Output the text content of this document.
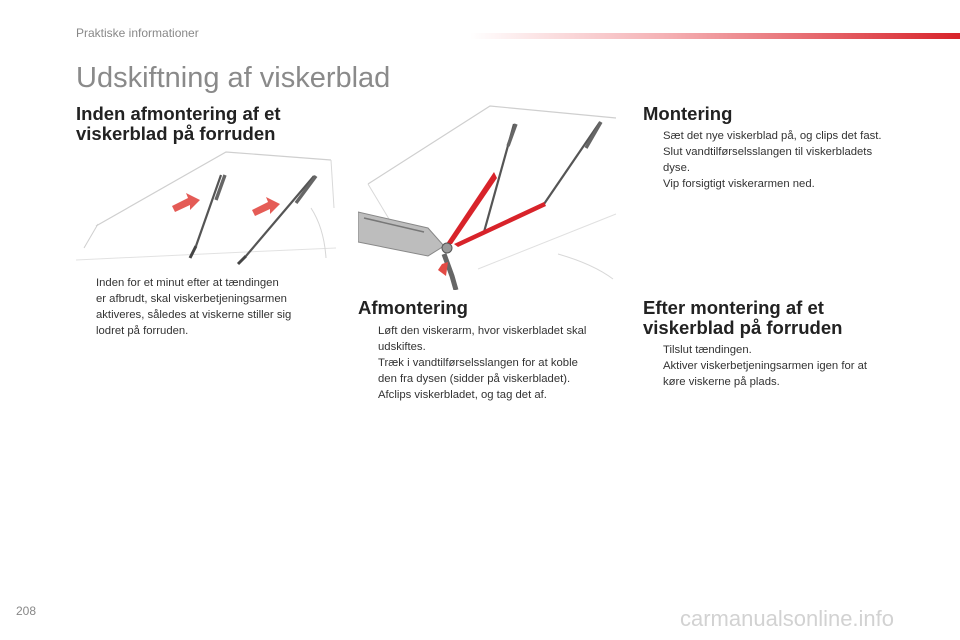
Praktiske informationer
Udskiftning af viskerblad
Inden afmontering af et
viskerblad på forruden
Inden for et minut efter at tændingen
er afbrudt, skal viskerbetjeningsarmen
aktiveres, således at viskerne stiller sig
lodret på forruden.
Afmontering
Løft den viskerarm, hvor viskerbladet skal
udskiftes.
Træk i vandtilførselsslangen for at koble
den fra dysen (sidder på viskerbladet).
Afclips viskerbladet, og tag det af.
Montering
Sæt det nye viskerblad på, og clips det fast.
Slut vandtilførselsslangen til viskerbladets
dyse.
Vip forsigtigt viskerarmen ned.
Efter montering af et
viskerblad på forruden
Tilslut tændingen.
Aktiver viskerbetjeningsarmen igen for at
køre viskerne på plads.
208	carmanualsonline.info
